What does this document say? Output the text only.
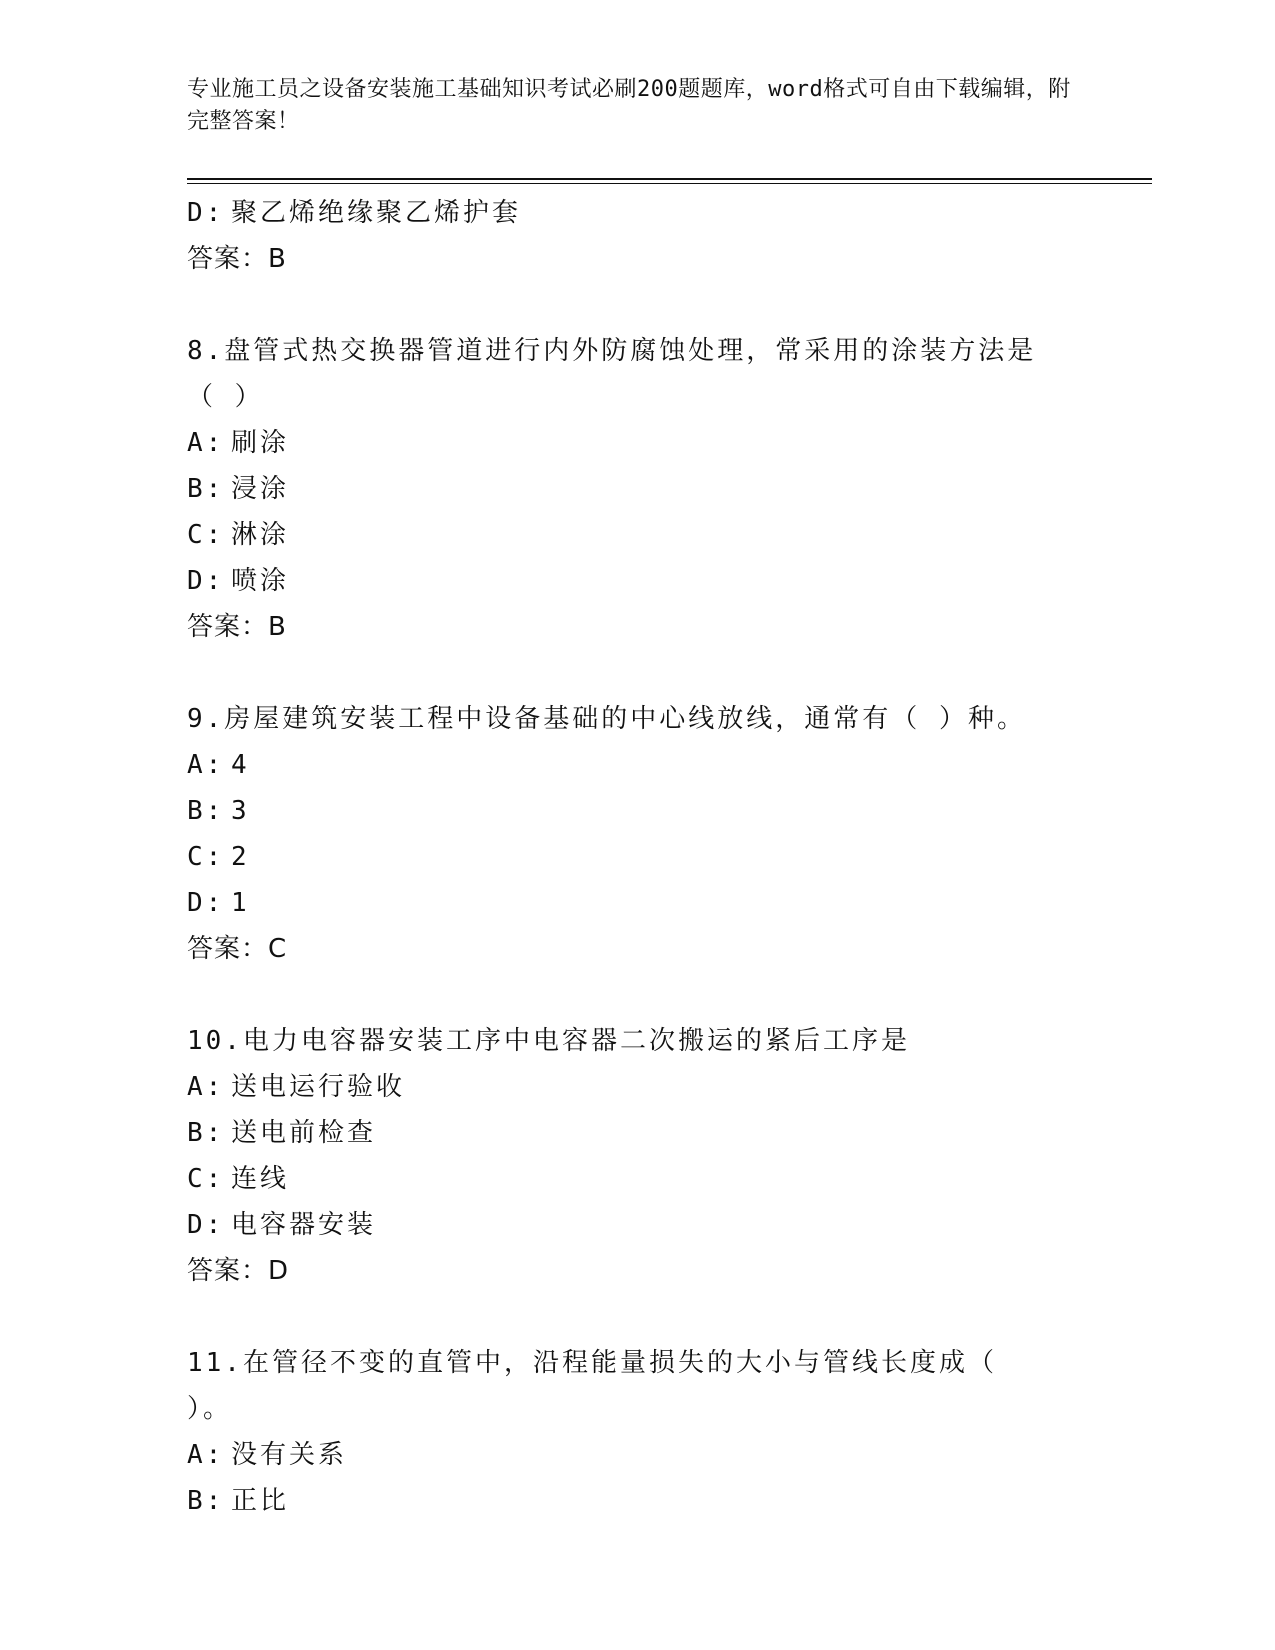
专业施工员之设备安装施工基础知识考试必刷200题题库，word格式可自由下载编辑，附完整答案！
D: 聚乙烯绝缘聚乙烯护套
答案：B
8.盘管式热交换器管道进行内外防腐蚀处理，常采用的涂装方法是（ ）
A: 刷涂
B: 浸涂
C: 淋涂
D: 喷涂
答案：B
9.房屋建筑安装工程中设备基础的中心线放线，通常有（ ）种。
A: 4
B: 3
C: 2
D: 1
答案：C
10.电力电容器安装工序中电容器二次搬运的紧后工序是
A: 送电运行验收
B: 送电前检查
C: 连线
D: 电容器安装
答案：D
11.在管径不变的直管中，沿程能量损失的大小与管线长度成（ ）。
A: 没有关系
B: 正比
